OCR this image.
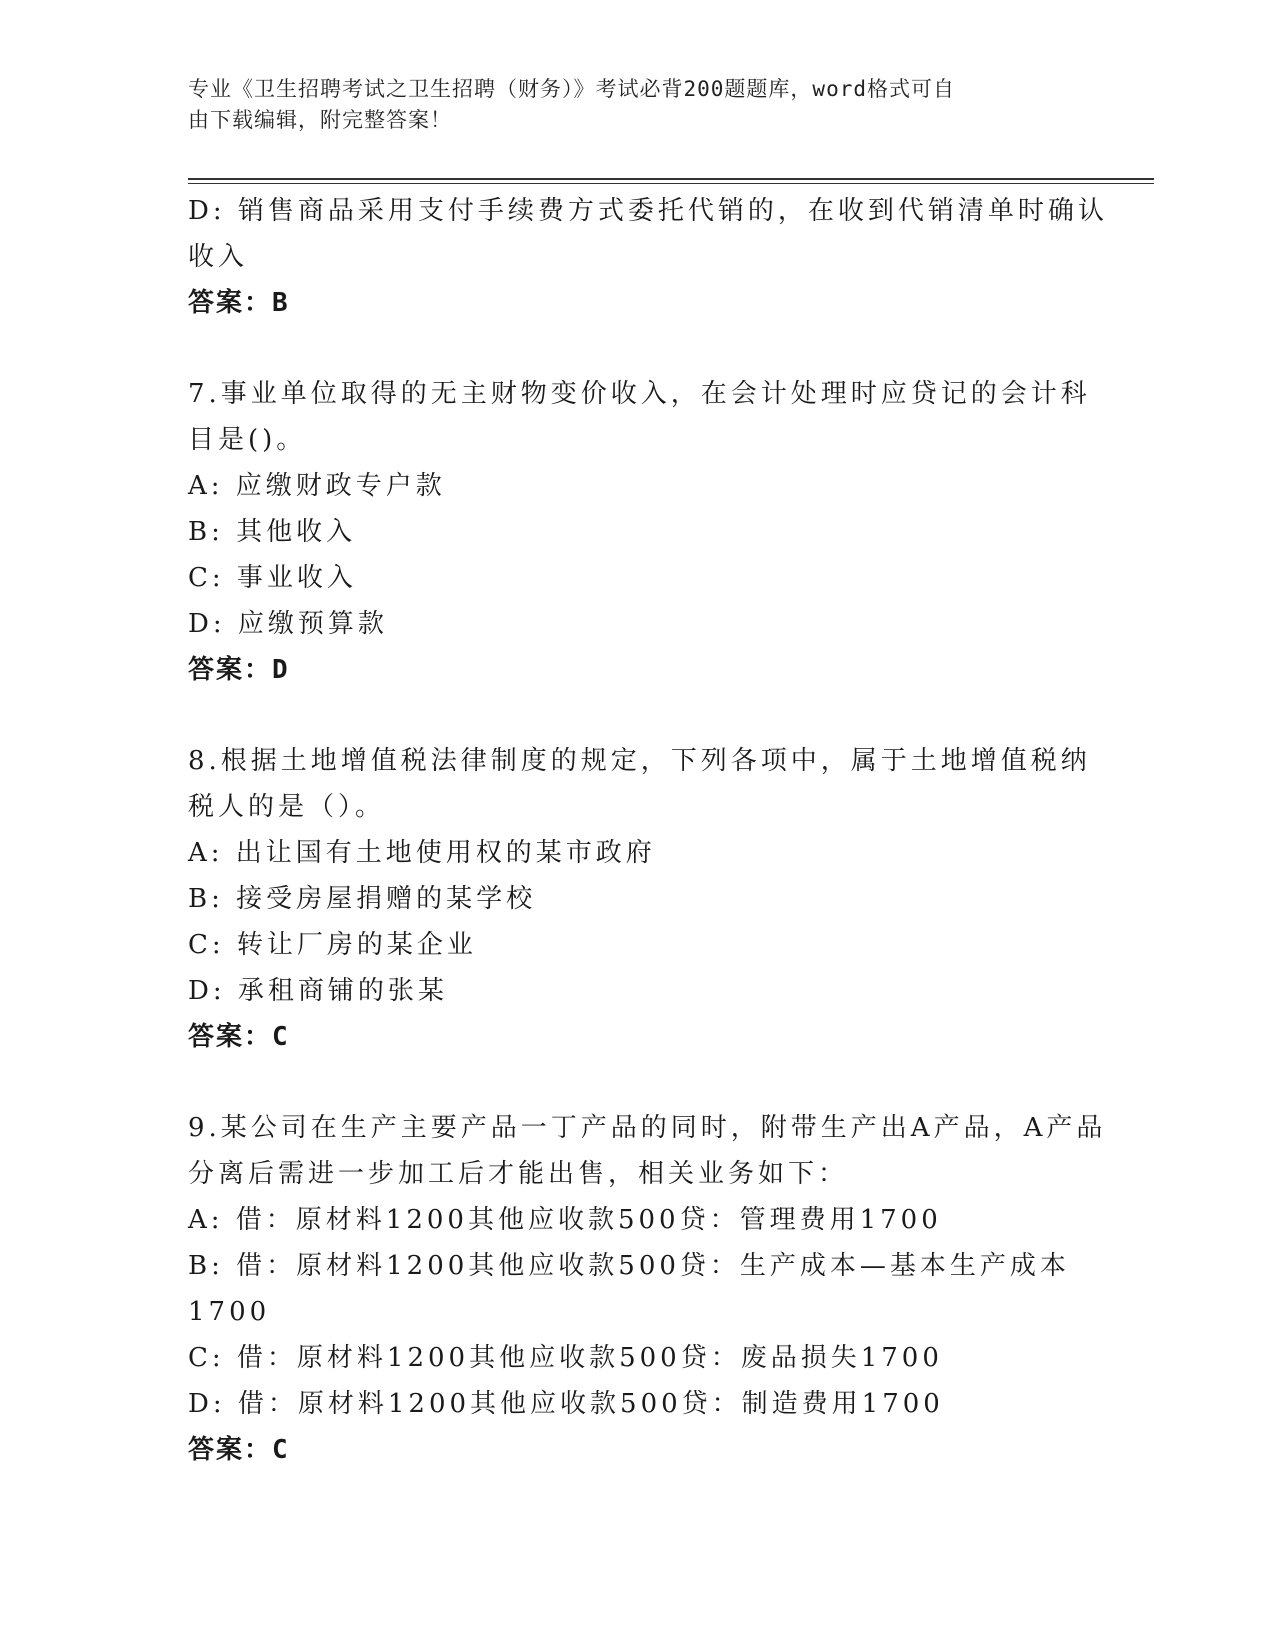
专业《卫生招聘考试之卫生招聘（财务）》考试必背200题题库，word格式可自
由下载编辑，附完整答案！
D: 销售商品采用支付手续费方式委托代销的，在收到代销清单时确认
收入
答案：B
7.事业单位取得的无主财物变价收入，在会计处理时应贷记的会计科
目是()。
A: 应缴财政专户款
B: 其他收入
C: 事业收入
D: 应缴预算款
答案：D
8.根据土地增值税法律制度的规定，下列各项中，属于土地增值税纳
税人的是（）。
A: 出让国有土地使用权的某市政府
B: 接受房屋捐赠的某学校
C: 转让厂房的某企业
D: 承租商铺的张某
答案：C
9.某公司在生产主要产品一丁产品的同时，附带生产出A产品，A产品
分离后需进一步加工后才能出售，相关业务如下：
A: 借：原材料1200其他应收款500贷：管理费用1700
B: 借：原材料1200其他应收款500贷：生产成本—基本生产成本
1700
C: 借：原材料1200其他应收款500贷：废品损失1700
D: 借：原材料1200其他应收款500贷：制造费用1700
答案：C
